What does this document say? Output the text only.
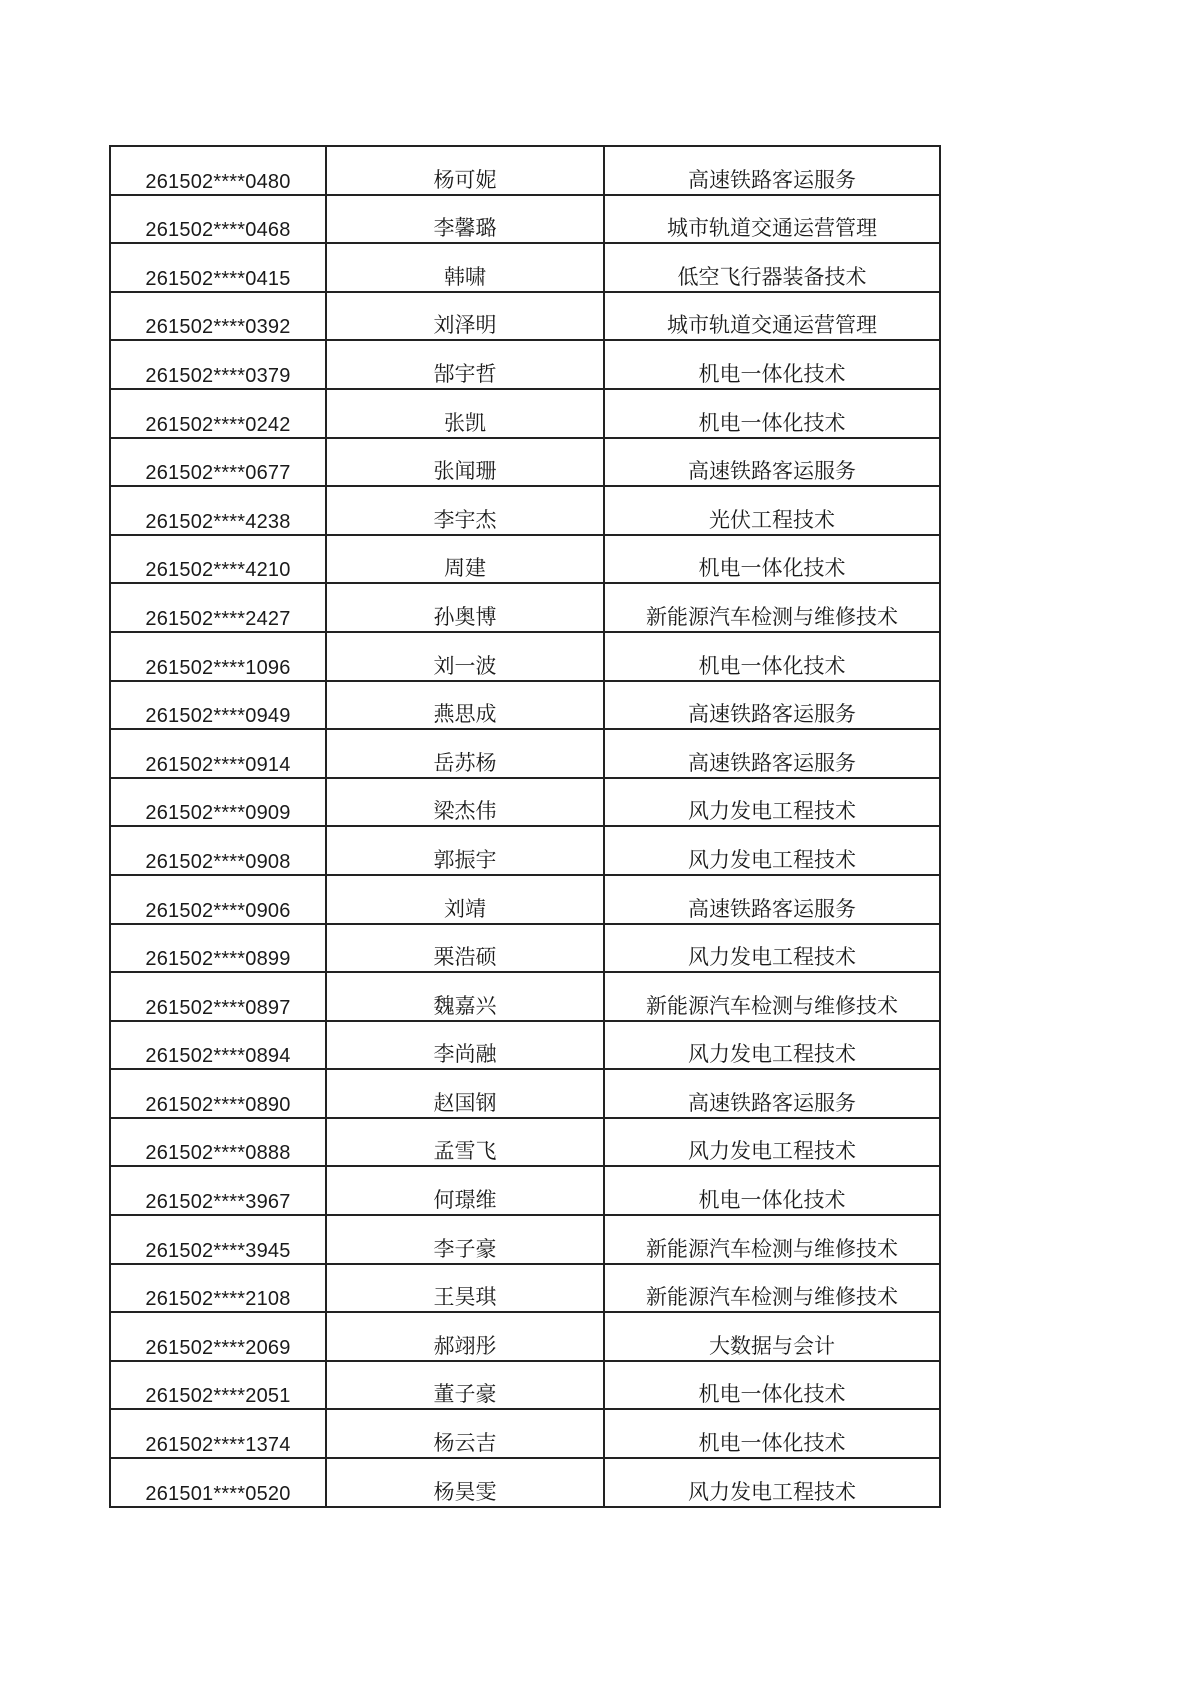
261502****0480	杨可妮	高速铁路客运服务
261502****0468	李馨璐	城市轨道交通运营管理
261502****0415	韩啸	低空飞行器装备技术
261502****0392	刘泽明	城市轨道交通运营管理
261502****0379	郜宇哲	机电一体化技术
261502****0242	张凯	机电一体化技术
261502****0677	张闻珊	高速铁路客运服务
261502****4238	李宇杰	光伏工程技术
261502****4210	周建	机电一体化技术
261502****2427	孙奥博	新能源汽车检测与维修技术
261502****1096	刘一波	机电一体化技术
261502****0949	燕思成	高速铁路客运服务
261502****0914	岳苏杨	高速铁路客运服务
261502****0909	梁杰伟	风力发电工程技术
261502****0908	郭振宇	风力发电工程技术
261502****0906	刘靖	高速铁路客运服务
261502****0899	栗浩硕	风力发电工程技术
261502****0897	魏嘉兴	新能源汽车检测与维修技术
261502****0894	李尚融	风力发电工程技术
261502****0890	赵国钢	高速铁路客运服务
261502****0888	孟雪飞	风力发电工程技术
261502****3967	何璟维	机电一体化技术
261502****3945	李子豪	新能源汽车检测与维修技术
261502****2108	王昊琪	新能源汽车检测与维修技术
261502****2069	郝翊彤	大数据与会计
261502****2051	董子豪	机电一体化技术
261502****1374	杨云吉	机电一体化技术
261501****0520	杨昊雯	风力发电工程技术
